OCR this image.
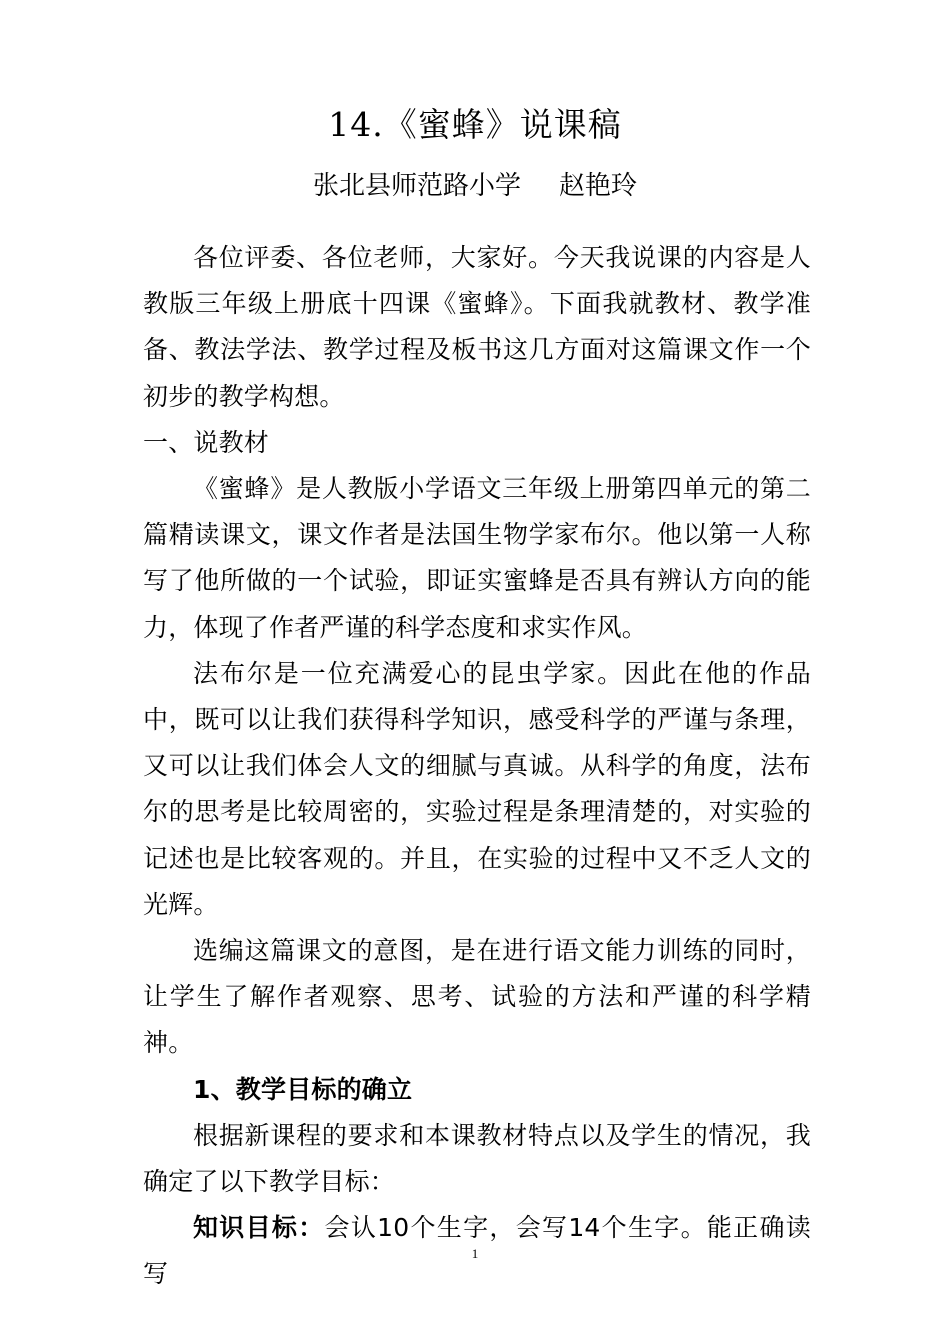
14.《蜜蜂》说课稿
张北县师范路小学 赵艳玲

各位评委、各位老师，大家好。今天我说课的内容是人教版三年级上册底十四课《蜜蜂》。下面我就教材、教学准备、教法学法、教学过程及板书这几方面对这篇课文作一个初步的教学构想。

一、说教材

《蜜蜂》是人教版小学语文三年级上册第四单元的第二篇精读课文，课文作者是法国生物学家布尔。他以第一人称写了他所做的一个试验，即证实蜜蜂是否具有辨认方向的能力，体现了作者严谨的科学态度和求实作风。

法布尔是一位充满爱心的昆虫学家。因此在他的作品中，既可以让我们获得科学知识，感受科学的严谨与条理，又可以让我们体会人文的细腻与真诚。从科学的角度，法布尔的思考是比较周密的，实验过程是条理清楚的，对实验的记述也是比较客观的。并且，在实验的过程中又不乏人文的光辉。

选编这篇课文的意图，是在进行语文能力训练的同时，让学生了解作者观察、思考、试验的方法和严谨的科学精神。

1、教学目标的确立

根据新课程的要求和本课教材特点以及学生的情况，我确定了以下教学目标：

知识目标：会认10个生字，会写14个生字。能正确读写

1
